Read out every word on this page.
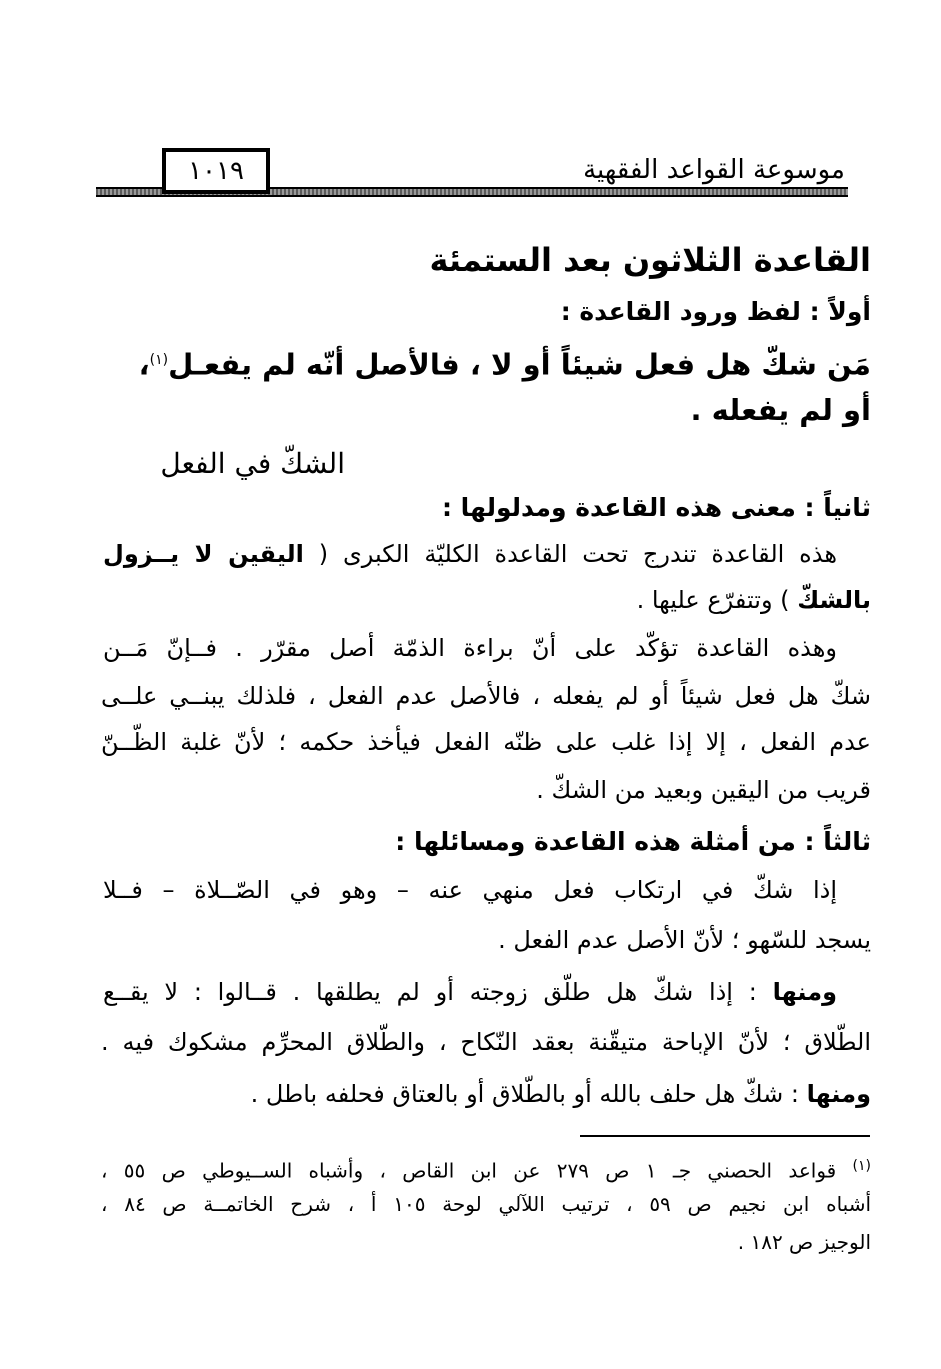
موسوعة القواعد الفقهية
١٠١٩
القاعدة الثلاثون بعد الستمئة
أولاً : لفظ ورود القاعدة :
مَن شكّ هل فعل شيئاً أو لا ، فالأصل أنّه لم يفعـل$^{(١)}$،
أو لم يفعله .
الشكّ في الفعل
ثانياً : معنى هذه القاعدة ومدلولها :
هذه القاعدة تندرج تحت القاعدة الكليّة الكبرى ( اليقين لا يــزول
بالشكّ ) وتتفرّع عليها .
وهذه القاعدة تؤكّد على أنّ براءة الذمّة أصل مقرّر . فــإنّ مَــن
شكّ هل فعل شيئاً أو لم يفعله ، فالأصل عدم الفعل ، فلذلك يبنــي علــى
عدم الفعل ، إلا إذا غلب على ظنّه الفعل فيأخذ حكمه ؛ لأنّ غلبة الظّــنّ
قريب من اليقين وبعيد من الشكّ .
ثالثاً : من أمثلة هذه القاعدة ومسائلها :
إذا شكّ في ارتكاب فعل منهي عنه – وهو في الصّــلاة – فــلا
يسجد للسّهو ؛ لأنّ الأصل عدم الفعل .
ومنها : إذا شكّ هل طلّق زوجته أو لم يطلقها . قــالوا : لا يقــع
الطّلاق ؛ لأنّ الإباحة متيقّنة بعقد النّكاح ، والطّلاق المحرِّم مشكوك فيه .
ومنها : شكّ هل حلف بالله أو بالطّلاق أو بالعتاق فحلفه باطل .
$^{(١)}$ قواعد الحصني جـ ١ ص ٢٧٩ عن ابن القاص ، وأشباه الســيوطي ص ٥٥ ،
أشباه ابن نجيم ص ٥٩ ، ترتيب اللآلي لوحة ١٠٥ أ ، شرح الخاتمــة ص ٨٤ ،
الوجيز ص ١٨٢ .
